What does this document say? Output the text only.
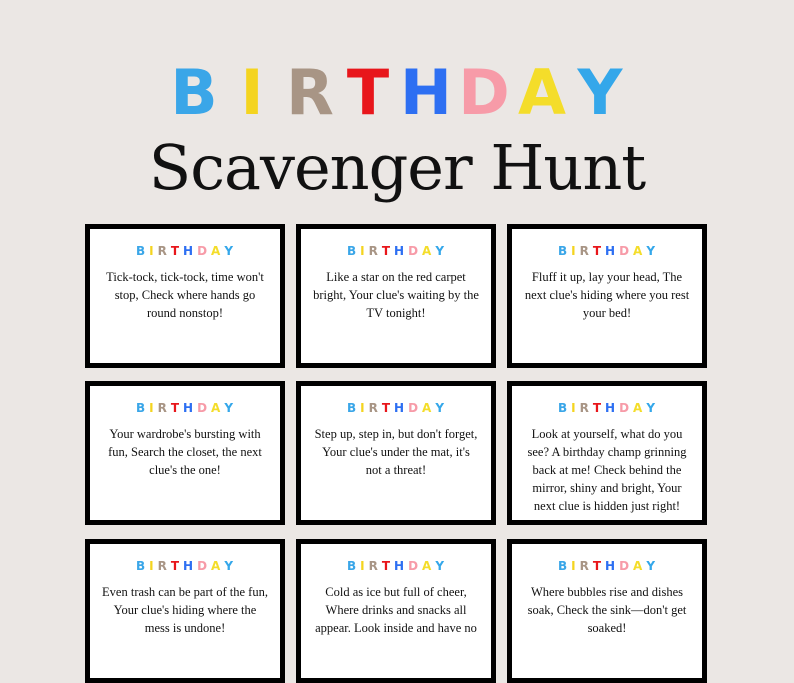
B I R T H D A Y
Scavenger Hunt
B I R T H D A Y
Tick-tock, tick-tock, time won't stop, Check where hands go round nonstop!
B I R T H D A Y
Like a star on the red carpet bright, Your clue's waiting by the TV tonight!
B I R T H D A Y
Fluff it up, lay your head, The next clue's hiding where you rest your bed!
B I R T H D A Y
Your wardrobe's bursting with fun, Search the closet, the next clue's the one!
B I R T H D A Y
Step up, step in, but don't forget, Your clue's under the mat, it's not a threat!
B I R T H D A Y
Look at yourself, what do you see? A birthday champ grinning back at me! Check behind the mirror, shiny and bright, Your next clue is hidden just right!
B I R T H D A Y
Even trash can be part of the fun, Your clue's hiding where the mess is undone!
B I R T H D A Y
Cold as ice but full of cheer, Where drinks and snacks all appear. Look inside and have no
B I R T H D A Y
Where bubbles rise and dishes soak, Check the sink—don't get soaked!
